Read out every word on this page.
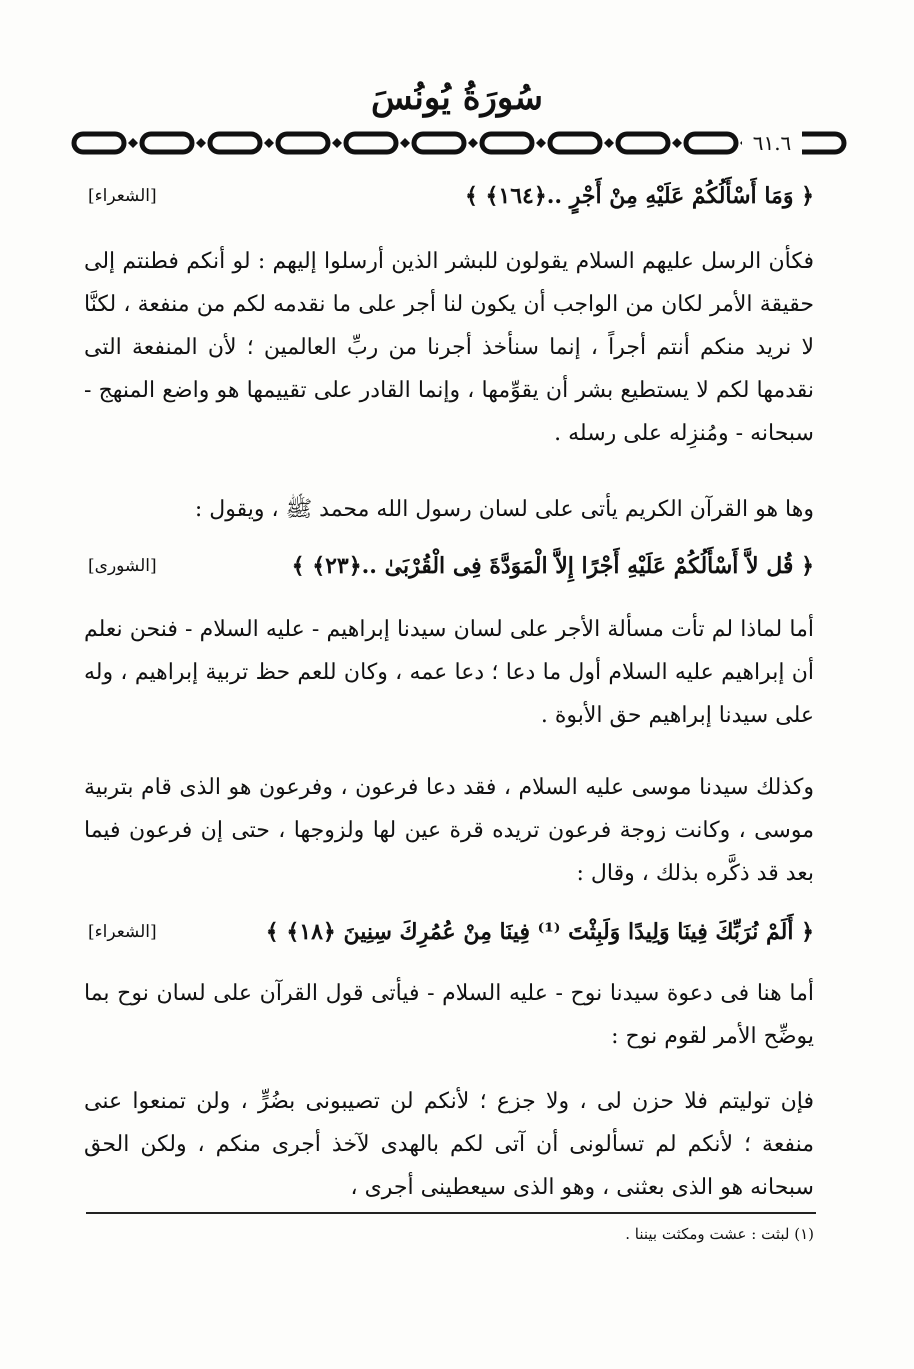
سُورَةُ يُونُسَ
٦١.٦
﴿ وَمَا أَسْأَلُكُمْ عَلَيْهِ مِنْ أَجْرٍ ..﴿١٦٤﴾ ﴾
[الشعراء]
فكأن الرسل عليهم السلام يقولون للبشر الذين أرسلوا إليهم : لو أنكم فطنتم إلى حقيقة الأمر لكان من الواجب أن يكون لنا أجر على ما نقدمه لكم من منفعة ، لكنَّا لا نريد منكم أنتم أجراً ، إنما سنأخذ أجرنا من ربِّ العالمين ؛ لأن المنفعة التى نقدمها لكم لا يستطيع بشر أن يقوِّمها ، وإنما القادر على تقييمها هو واضع المنهج - سبحانه - ومُنزِله على رسله .
وها هو القرآن الكريم يأتى على لسان رسول الله محمد ﷺ ، ويقول :
﴿ قُل لاَّ أَسْأَلُكُمْ عَلَيْهِ أَجْرًا إِلاَّ الْمَوَدَّةَ فِى الْقُرْبَىٰ ..﴿٢٣﴾ ﴾
[الشورى]
أما لماذا لم تأت مسألة الأجر على لسان سيدنا إبراهيم - عليه السلام - فنحن نعلم أن إبراهيم عليه السلام أول ما دعا ؛ دعا عمه ، وكان للعم حظ تربية إبراهيم ، وله على سيدنا إبراهيم حق الأبوة .
وكذلك سيدنا موسى عليه السلام ، فقد دعا فرعون ، وفرعون هو الذى قام بتربية موسى ، وكانت زوجة فرعون تريده قرة عين لها ولزوجها ، حتى إن فرعون فيما بعد قد ذكَّره بذلك ، وقال :
﴿ أَلَمْ نُرَبِّكَ فِينَا وَلِيدًا وَلَبِثْتَ ⁽¹⁾ فِينَا مِنْ عُمُرِكَ سِنِينَ ﴿١٨﴾ ﴾
[الشعراء]
أما هنا فى دعوة سيدنا نوح - عليه السلام - فيأتى قول القرآن على لسان نوح بما يوضِّح الأمر لقوم نوح :
فإن توليتم فلا حزن لى ، ولا جزع ؛ لأنكم لن تصيبونى بضُرٍّ ، ولن تمنعوا عنى منفعة ؛ لأنكم لم تسألونى أن آتى لكم بالهدى لآخذ أجرى منكم ، ولكن الحق سبحانه هو الذى بعثنى ، وهو الذى سيعطينى أجرى ،
(١) لبثت : عشت ومكثت بيننا .
